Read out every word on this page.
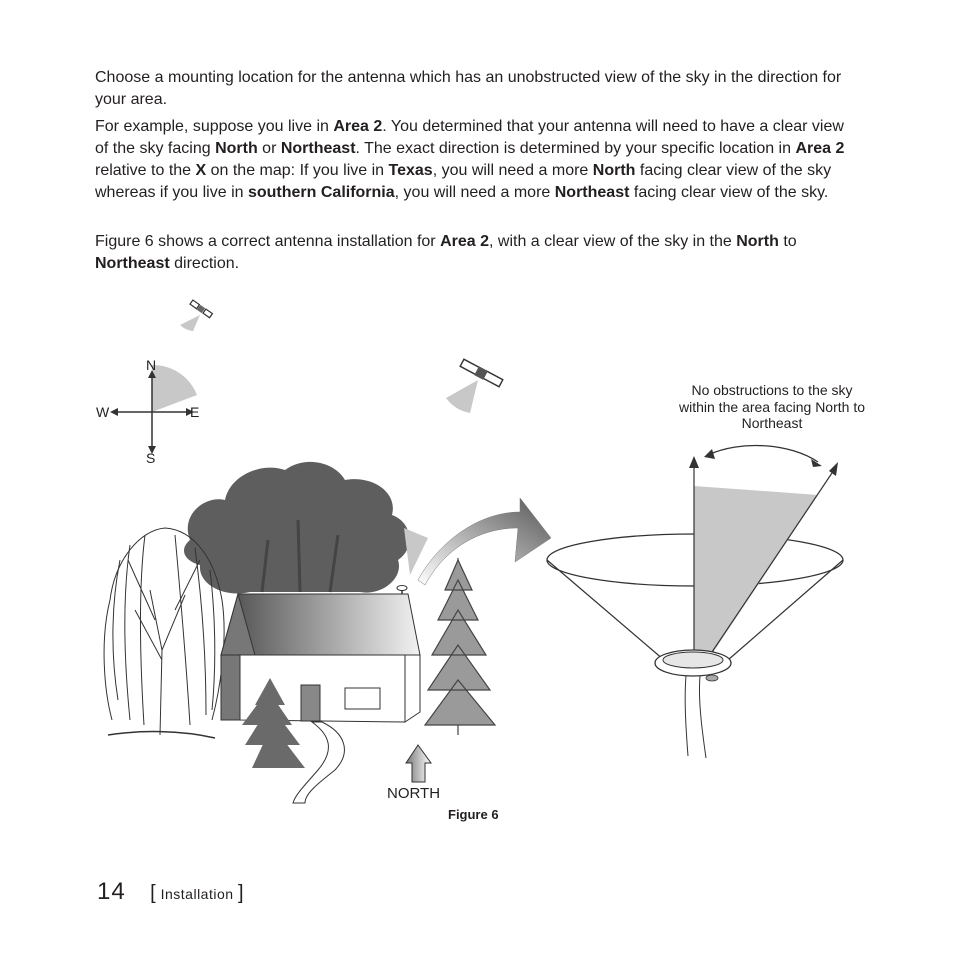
Choose a mounting location for the antenna which has an unobstructed view of the sky in the direction for your area.

For example, suppose you live in Area 2. You determined that your antenna will need to have a clear view of the sky facing North or Northeast. The exact direction is determined by your specific location in Area 2 relative to the X on the map: If you live in Texas, you will need a more North facing clear view of the sky whereas if you live in southern California, you will need a more Northeast facing clear view of the sky.

Figure 6 shows a correct antenna installation for Area 2, with a clear view of the sky in the North to Northeast direction.

N
W	E
S
No obstructions to the sky within the area facing North to Northeast
NORTH
Figure 6
14 [ Installation ]
